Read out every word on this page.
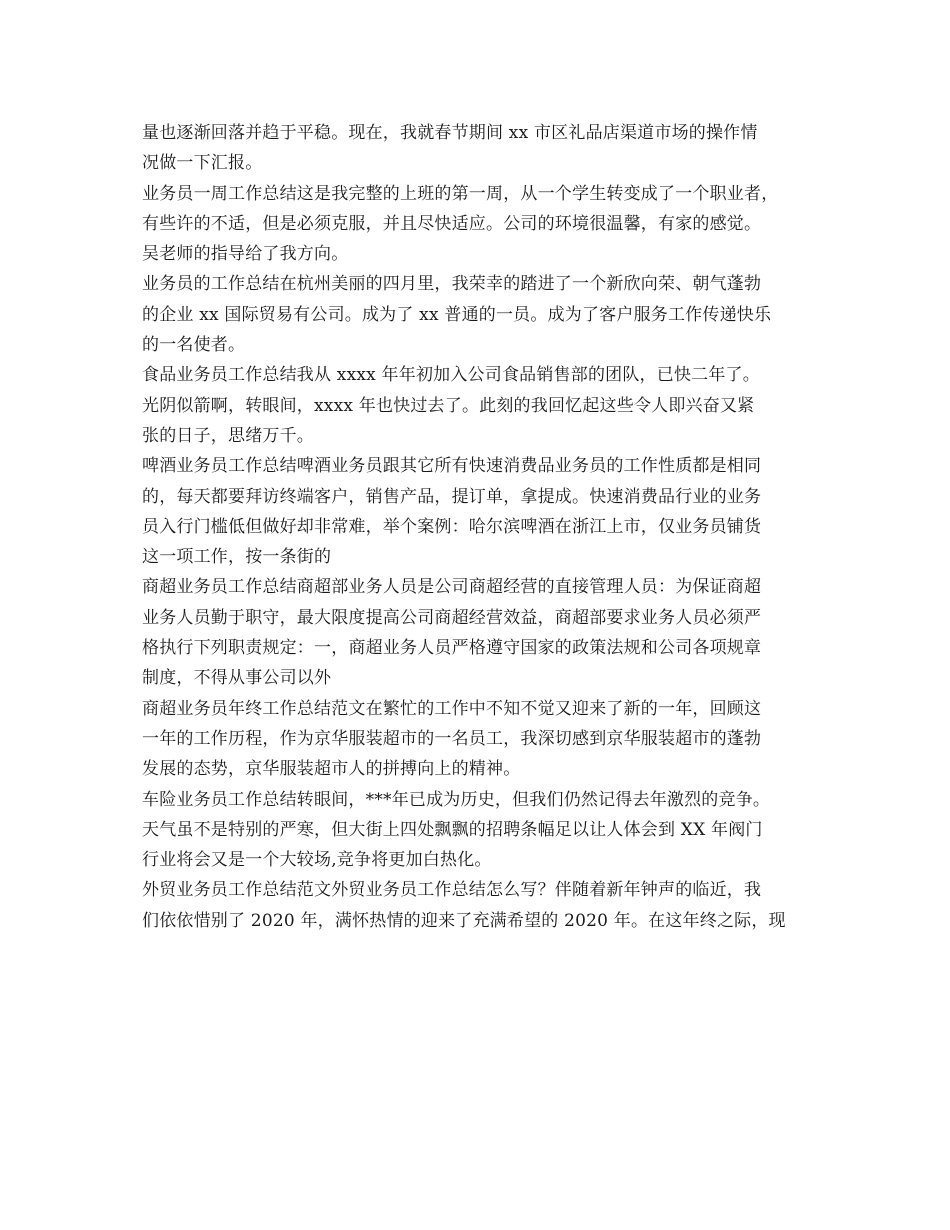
量也逐渐回落并趋于平稳。现在，我就春节期间 xx 市区礼品店渠道市场的操作情
况做一下汇报。
业务员一周工作总结这是我完整的上班的第一周，从一个学生转变成了一个职业者，
有些许的不适，但是必须克服，并且尽快适应。公司的环境很温馨，有家的感觉。
吴老师的指导给了我方向。
业务员的工作总结在杭州美丽的四月里，我荣幸的踏进了一个新欣向荣、朝气蓬勃
的企业 xx 国际贸易有公司。成为了 xx 普通的一员。成为了客户服务工作传递快乐
的一名使者。
食品业务员工作总结我从 xxxx 年年初加入公司食品销售部的团队，已快二年了。
光阴似箭啊，转眼间，xxxx 年也快过去了。此刻的我回忆起这些令人即兴奋又紧
张的日子，思绪万千。
啤酒业务员工作总结啤酒业务员跟其它所有快速消费品业务员的工作性质都是相同
的，每天都要拜访终端客户，销售产品，提订单，拿提成。快速消费品行业的业务
员入行门槛低但做好却非常难，举个案例：哈尔滨啤酒在浙江上市，仅业务员铺货
这一项工作，按一条街的
商超业务员工作总结商超部业务人员是公司商超经营的直接管理人员：为保证商超
业务人员勤于职守，最大限度提高公司商超经营效益，商超部要求业务人员必须严
格执行下列职责规定：一，商超业务人员严格遵守国家的政策法规和公司各项规章
制度，不得从事公司以外
商超业务员年终工作总结范文在繁忙的工作中不知不觉又迎来了新的一年，回顾这
一年的工作历程，作为京华服装超市的一名员工，我深切感到京华服装超市的蓬勃
发展的态势，京华服装超市人的拼搏向上的精神。
车险业务员工作总结转眼间，***年已成为历史，但我们仍然记得去年激烈的竞争。
天气虽不是特别的严寒，但大街上四处飘飘的招聘条幅足以让人体会到 XX 年阀门
行业将会又是一个大较场,竞争将更加白热化。
外贸业务员工作总结范文外贸业务员工作总结怎么写？伴随着新年钟声的临近，我
们依依惜别了 2020 年，满怀热情的迎来了充满希望的 2020 年。在这年终之际，现
